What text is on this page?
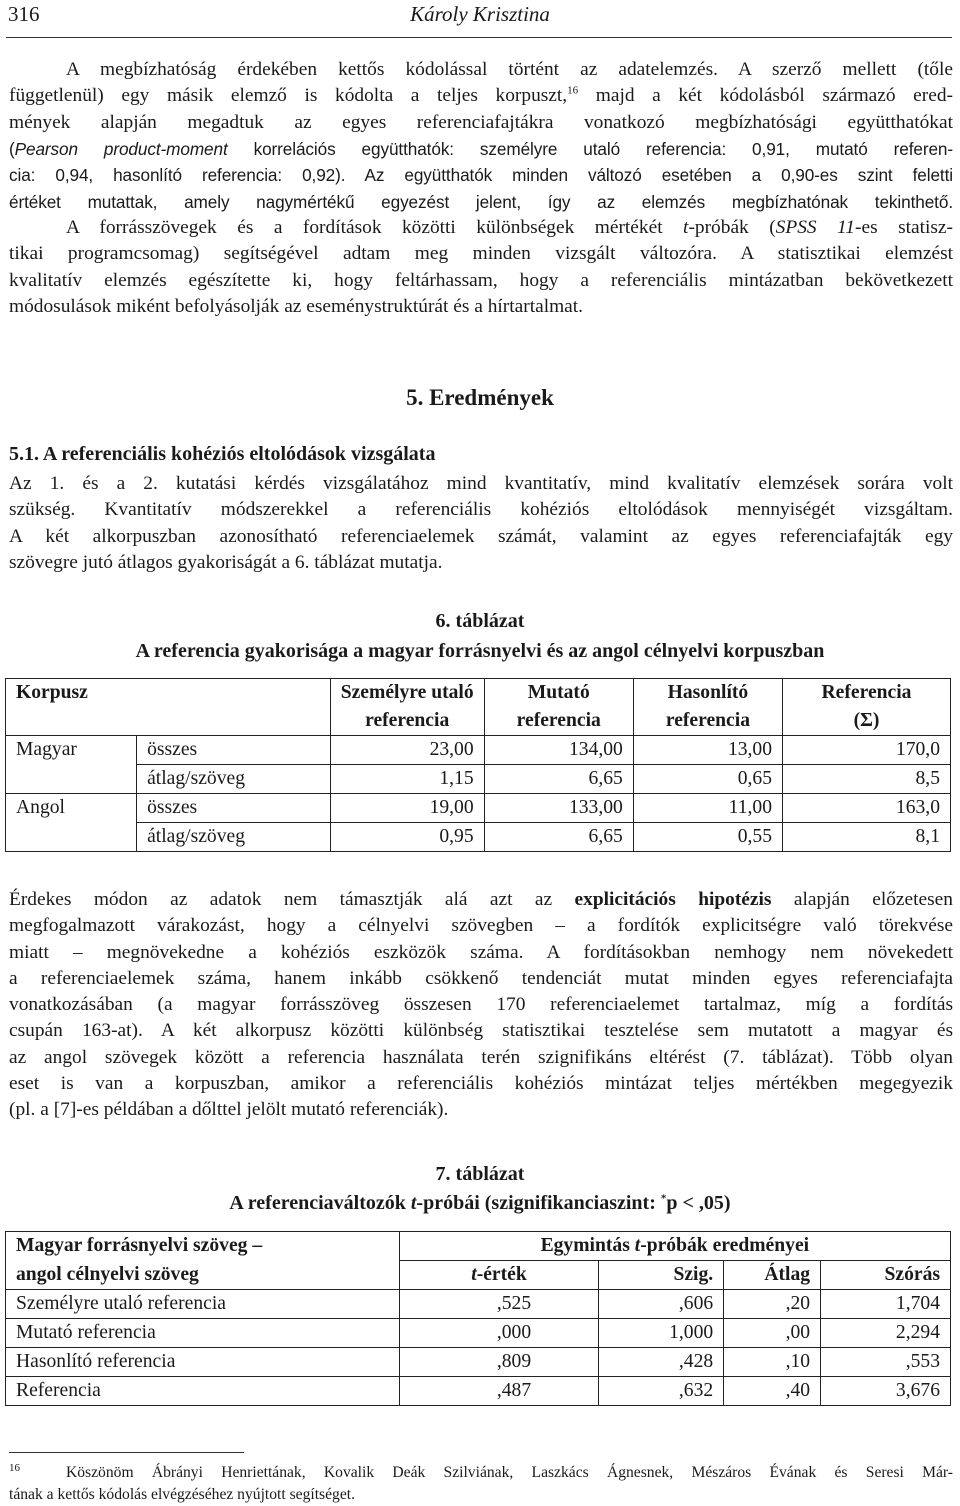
316	Károly Krisztina
A megbízhatóság érdekében kettős kódolással történt az adatelemzés. A szerző mellett (tőle
függetlenül) egy másik elemző is kódolta a teljes korpuszt,$^{16}$ majd a két kódolásból származó ered-
mények alapján megadtuk az egyes referenciafajtákra vonatkozó megbízhatósági együtthatókat
(Pearson product-moment korrelációs együtthatók: személyre utaló referencia: 0,91, mutató referen-
cia: 0,94, hasonlító referencia: 0,92). Az együtthatók minden változó esetében a 0,90-es szint feletti
értéket mutattak, amely nagymértékű egyezést jelent, így az elemzés megbízhatónak tekinthető.
A forrásszövegek és a fordítások közötti különbségek mértékét t-próbák (SPSS 11-es statisz-
tikai programcsomag) segítségével adtam meg minden vizsgált változóra. A statisztikai elemzést
kvalitatív elemzés egészítette ki, hogy feltárhassam, hogy a referenciális mintázatban bekövetkezett
módosulások miként befolyásolják az eseménystruktúrát és a hírtartalmat.
5. Eredmények
5.1. A referenciális kohéziós eltolódások vizsgálata
Az 1. és a 2. kutatási kérdés vizsgálatához mind kvantitatív, mind kvalitatív elemzések sorára volt
szükség. Kvantitatív módszerekkel a referenciális kohéziós eltolódások mennyiségét vizsgáltam.
A két alkorpuszban azonosítható referenciaelemek számát, valamint az egyes referenciafajták egy
szövegre jutó átlagos gyakoriságát a 6. táblázat mutatja.
6. táblázat
A referencia gyakorisága a magyar forrásnyelvi és az angol célnyelvi korpuszban
Korpusz		Személyre utaló	Mutató	Hasonlító	Referencia
		referencia	referencia	referencia	(Σ)
Magyar	összes	23,00	134,00	13,00	170,0
	átlag/szöveg	1,15	6,65	0,65	8,5
Angol	összes	19,00	133,00	11,00	163,0
	átlag/szöveg	0,95	6,65	0,55	8,1
Érdekes módon az adatok nem támasztják alá azt az explicitációs hipotézis alapján előzetesen
megfogalmazott várakozást, hogy a célnyelvi szövegben – a fordítók explicitségre való törekvése
miatt – megnövekedne a kohéziós eszközök száma. A fordításokban nemhogy nem növekedett
a referenciaelemek száma, hanem inkább csökkenő tendenciát mutat minden egyes referenciafajta
vonatkozásában (a magyar forrásszöveg összesen 170 referenciaelemet tartalmaz, míg a fordítás
csupán 163-at). A két alkorpusz közötti különbség statisztikai tesztelése sem mutatott a magyar és
az angol szövegek között a referencia használata terén szignifikáns eltérést (7. táblázat). Több olyan
eset is van a korpuszban, amikor a referenciális kohéziós mintázat teljes mértékben megegyezik
(pl. a [7]-es példában a dőlttel jelölt mutató referenciák).
7. táblázat
A referenciaváltozók t-próbái (szignifikanciaszint: *p < ,05)
Magyar forrásnyelvi szöveg –	Egymintás t-próbák eredményei			
angol célnyelvi szöveg	t-érték	Szig.	Átlag	Szórás
Személyre utaló referencia	,525	,606	,20	1,704
Mutató referencia	,000	1,000	,00	2,294
Hasonlító referencia	,809	,428	,10	,553
Referencia	,487	,632	,40	3,676
$^{16}$	Köszönöm Ábrányi Henriettának, Kovalik Deák Szilviának, Laszkács Ágnesnek, Mészáros Évának és Seresi Már-
tának a kettős kódolás elvégzéséhez nyújtott segítséget.
